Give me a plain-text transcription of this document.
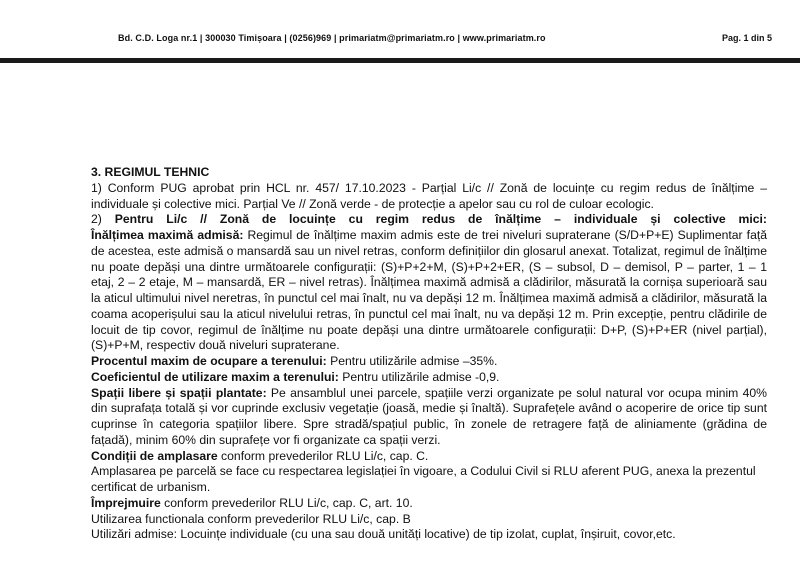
Bd. C.D. Loga nr.1 | 300030 Timișoara | (0256)969 | primariatm@primariatm.ro | www.primariatm.ro	Pag. 1 din 5

3. REGIMUL TEHNIC

1) Conform PUG aprobat prin HCL nr. 457/ 17.10.2023 - Parțial Li/c // Zonă de locuințe cu regim redus de înălțime – individuale și colective mici. Parțial Ve // Zonă verde - de protecție a apelor sau cu rol de culoar ecologic.

2) Pentru Li/c // Zonă de locuințe cu regim redus de înălțime – individuale și colective mici:

Înălțimea maximă admisă: Regimul de înălțime maxim admis este de trei niveluri supraterane (S/D+P+E) Suplimentar față de acestea, este admisă o mansardă sau un nivel retras, conform definițiilor din glosarul anexat. Totalizat, regimul de înălțime nu poate depăși una dintre următoarele configurații: (S)+P+2+M, (S)+P+2+ER, (S – subsol, D – demisol, P – parter, 1 – 1 etaj, 2 – 2 etaje, M – mansardă, ER – nivel retras). Înălțimea maximă admisă a clădirilor, măsurată la cornișa superioară sau la aticul ultimului nivel neretras, în punctul cel mai înalt, nu va depăși 12 m. Înălțimea maximă admisă a clădirilor, măsurată la coama acoperișului sau la aticul nivelului retras, în punctul cel mai înalt, nu va depăși 12 m. Prin excepție, pentru clădirile de locuit de tip covor, regimul de înălțime nu poate depăși una dintre următoarele configurații: D+P, (S)+P+ER (nivel parțial), (S)+P+M, respectiv două niveluri supraterane.

Procentul maxim de ocupare a terenului: Pentru utilizările admise –35%.

Coeficientul de utilizare maxim a terenului: Pentru utilizările admise -0,9.

Spații libere și spații plantate: Pe ansamblul unei parcele, spațiile verzi organizate pe solul natural vor ocupa minim 40% din suprafața totală și vor cuprinde exclusiv vegetație (joasă, medie și înaltă). Suprafețele având o acoperire de orice tip sunt cuprinse în categoria spațiilor libere. Spre stradă/spațiul public, în zonele de retragere față de aliniamente (grădina de fațadă), minim 60% din suprafețe vor fi organizate ca spații verzi.

Condiții de amplasare conform prevederilor RLU Li/c, cap. C.

Amplasarea pe parcelă se face cu respectarea legislației în vigoare, a Codului Civil si RLU aferent PUG, anexa la prezentul certificat de urbanism.

Împrejmuire conform prevederilor RLU Li/c, cap. C, art. 10.

Utilizarea functionala conform prevederilor RLU Li/c, cap. B

Utilizări admise: Locuințe individuale (cu una sau două unități locative) de tip izolat, cuplat, înșiruit, covor,etc.
